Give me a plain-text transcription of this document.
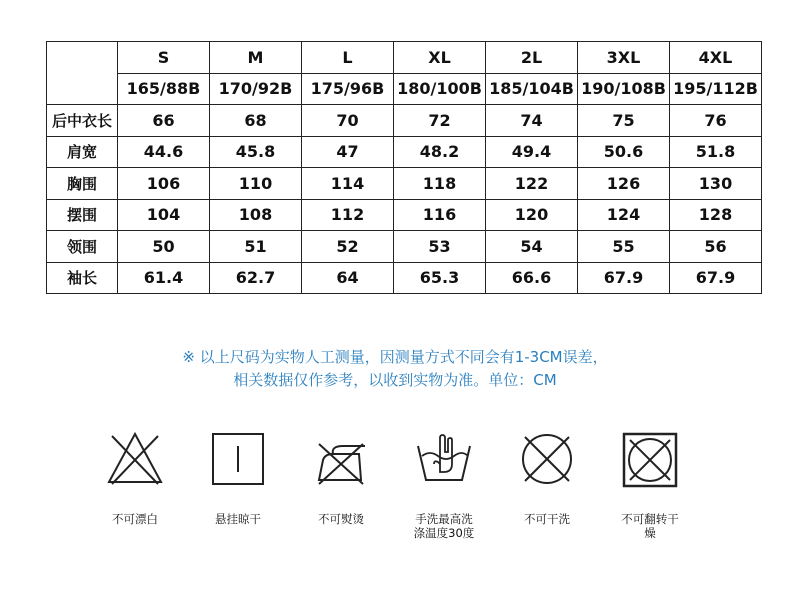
	S	M	L	XL	2L	3XL	4XL
	165/88B	170/92B	175/96B	180/100B	185/104B	190/108B	195/112B
后中衣长	66	68	70	72	74	75	76
肩宽	44.6	45.8	47	48.2	49.4	50.6	51.8
胸围	106	110	114	118	122	126	130
摆围	104	108	112	116	120	124	128
领围	50	51	52	53	54	55	56
袖长	61.4	62.7	64	65.3	66.6	67.9	67.9
※ 以上尺码为实物人工测量，因测量方式不同会有1-3CM误差，
相关数据仅作参考，以收到实物为准。单位：CM
不可漂白	悬挂晾干	不可熨烫	手洗最高洗涤温度30度
不可干洗	不可翻转干燥
